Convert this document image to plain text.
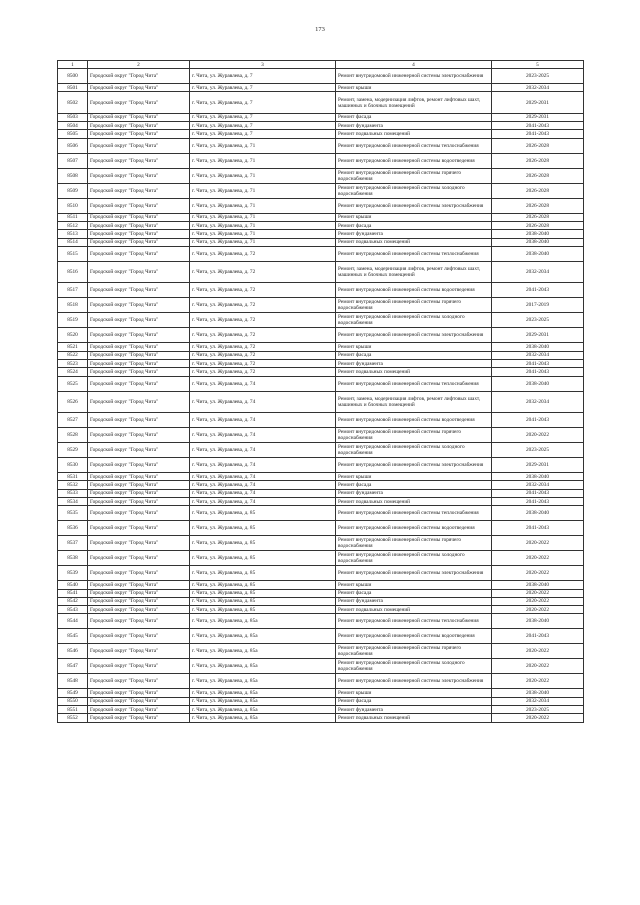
173
1	2	3	4	5
8500	Городской округ "Город Чита"	г. Чита, ул. Журавлева, д. 7	Ремонт внутридомовой инженерной системы электроснабжения	2023-2025
8501	Городской округ "Город Чита"	г. Чита, ул. Журавлева, д. 7	Ремонт крыши	2032-2034
8502	Городской округ "Город Чита"	г. Чита, ул. Журавлева, д. 7	Ремонт, замена, модернизация лифтов, ремонт лифтовых шахт, машинных и блочных помещений	2029-2031
8503	Городской округ "Город Чита"	г. Чита, ул. Журавлева, д. 7	Ремонт фасада	2029-2031
8504	Городской округ "Город Чита"	г. Чита, ул. Журавлева, д. 7	Ремонт фундамента	2041-2043
8505	Городской округ "Город Чита"	г. Чита, ул. Журавлева, д. 7	Ремонт подвальных помещений	2041-2043
8506	Городской округ "Город Чита"	г. Чита, ул. Журавлева, д. 71	Ремонт внутридомовой инженерной системы теплоснабжения	2026-2028
8507	Городской округ "Город Чита"	г. Чита, ул. Журавлева, д. 71	Ремонт внутридомовой инженерной системы водоотведения	2026-2028
8508	Городской округ "Город Чита"	г. Чита, ул. Журавлева, д. 71	Ремонт внутридомовой инженерной системы горячего водоснабжения	2026-2028
8509	Городской округ "Город Чита"	г. Чита, ул. Журавлева, д. 71	Ремонт внутридомовой инженерной системы холодного водоснабжения	2026-2028
8510	Городской округ "Город Чита"	г. Чита, ул. Журавлева, д. 71	Ремонт внутридомовой инженерной системы электроснабжения	2026-2028
8511	Городской округ "Город Чита"	г. Чита, ул. Журавлева, д. 71	Ремонт крыши	2026-2028
8512	Городской округ "Город Чита"	г. Чита, ул. Журавлева, д. 71	Ремонт фасада	2026-2028
8513	Городской округ "Город Чита"	г. Чита, ул. Журавлева, д. 71	Ремонт фундамента	2038-2040
8514	Городской округ "Город Чита"	г. Чита, ул. Журавлева, д. 71	Ремонт подвальных помещений	2038-2040
8515	Городской округ "Город Чита"	г. Чита, ул. Журавлева, д. 72	Ремонт внутридомовой инженерной системы теплоснабжения	2038-2040
8516	Городской округ "Город Чита"	г. Чита, ул. Журавлева, д. 72	Ремонт, замена, модернизация лифтов, ремонт лифтовых шахт, машинных и блочных помещений	2032-2034
8517	Городской округ "Город Чита"	г. Чита, ул. Журавлева, д. 72	Ремонт внутридомовой инженерной системы водоотведения	2041-2043
8518	Городской округ "Город Чита"	г. Чита, ул. Журавлева, д. 72	Ремонт внутридомовой инженерной системы горячего водоснабжения	2017-2019
8519	Городской округ "Город Чита"	г. Чита, ул. Журавлева, д. 72	Ремонт внутридомовой инженерной системы холодного водоснабжения	2023-2025
8520	Городской округ "Город Чита"	г. Чита, ул. Журавлева, д. 72	Ремонт внутридомовой инженерной системы электроснабжения	2029-2031
8521	Городской округ "Город Чита"	г. Чита, ул. Журавлева, д. 72	Ремонт крыши	2038-2040
8522	Городской округ "Город Чита"	г. Чита, ул. Журавлева, д. 72	Ремонт фасада	2032-2034
8523	Городской округ "Город Чита"	г. Чита, ул. Журавлева, д. 72	Ремонт фундамента	2041-2043
8524	Городской округ "Город Чита"	г. Чита, ул. Журавлева, д. 72	Ремонт подвальных помещений	2041-2043
8525	Городской округ "Город Чита"	г. Чита, ул. Журавлева, д. 74	Ремонт внутридомовой инженерной системы теплоснабжения	2038-2040
8526	Городской округ "Город Чита"	г. Чита, ул. Журавлева, д. 74	Ремонт, замена, модернизация лифтов, ремонт лифтовых шахт, машинных и блочных помещений	2032-2034
8527	Городской округ "Город Чита"	г. Чита, ул. Журавлева, д. 74	Ремонт внутридомовой инженерной системы водоотведения	2041-2043
8528	Городской округ "Город Чита"	г. Чита, ул. Журавлева, д. 74	Ремонт внутридомовой инженерной системы горячего водоснабжения	2020-2022
8529	Городской округ "Город Чита"	г. Чита, ул. Журавлева, д. 74	Ремонт внутридомовой инженерной системы холодного водоснабжения	2023-2025
8530	Городской округ "Город Чита"	г. Чита, ул. Журавлева, д. 74	Ремонт внутридомовой инженерной системы электроснабжения	2029-2031
8531	Городской округ "Город Чита"	г. Чита, ул. Журавлева, д. 74	Ремонт крыши	2038-2040
8532	Городской округ "Город Чита"	г. Чита, ул. Журавлева, д. 74	Ремонт фасада	2032-2034
8533	Городской округ "Город Чита"	г. Чита, ул. Журавлева, д. 74	Ремонт фундамента	2041-2043
8534	Городской округ "Город Чита"	г. Чита, ул. Журавлева, д. 74	Ремонт подвальных помещений	2041-2043
8535	Городской округ "Город Чита"	г. Чита, ул. Журавлева, д. 85	Ремонт внутридомовой инженерной системы теплоснабжения	2038-2040
8536	Городской округ "Город Чита"	г. Чита, ул. Журавлева, д. 85	Ремонт внутридомовой инженерной системы водоотведения	2041-2043
8537	Городской округ "Город Чита"	г. Чита, ул. Журавлева, д. 85	Ремонт внутридомовой инженерной системы горячего водоснабжения	2020-2022
8538	Городской округ "Город Чита"	г. Чита, ул. Журавлева, д. 85	Ремонт внутридомовой инженерной системы холодного водоснабжения	2020-2022
8539	Городской округ "Город Чита"	г. Чита, ул. Журавлева, д. 85	Ремонт внутридомовой инженерной системы электроснабжения	2020-2022
8540	Городской округ "Город Чита"	г. Чита, ул. Журавлева, д. 85	Ремонт крыши	2038-2040
8541	Городской округ "Город Чита"	г. Чита, ул. Журавлева, д. 85	Ремонт фасада	2020-2022
8542	Городской округ "Город Чита"	г. Чита, ул. Журавлева, д. 85	Ремонт фундамента	2020-2022
8543	Городской округ "Город Чита"	г. Чита, ул. Журавлева, д. 85	Ремонт подвальных помещений	2020-2022
8544	Городской округ "Город Чита"	г. Чита, ул. Журавлева, д. 85а	Ремонт внутридомовой инженерной системы теплоснабжения	2038-2040
8545	Городской округ "Город Чита"	г. Чита, ул. Журавлева, д. 85а	Ремонт внутридомовой инженерной системы водоотведения	2041-2043
8546	Городской округ "Город Чита"	г. Чита, ул. Журавлева, д. 85а	Ремонт внутридомовой инженерной системы горячего водоснабжения	2020-2022
8547	Городской округ "Город Чита"	г. Чита, ул. Журавлева, д. 85а	Ремонт внутридомовой инженерной системы холодного водоснабжения	2020-2022
8548	Городской округ "Город Чита"	г. Чита, ул. Журавлева, д. 85а	Ремонт внутридомовой инженерной системы электроснабжения	2020-2022
8549	Городской округ "Город Чита"	г. Чита, ул. Журавлева, д. 85а	Ремонт крыши	2038-2040
8550	Городской округ "Город Чита"	г. Чита, ул. Журавлева, д. 85а	Ремонт фасада	2032-2034
8551	Городской округ "Город Чита"	г. Чита, ул. Журавлева, д. 85а	Ремонт фундамента	2023-2025
8552	Городской округ "Город Чита"	г. Чита, ул. Журавлева, д. 85а	Ремонт подвальных помещений	2020-2022
